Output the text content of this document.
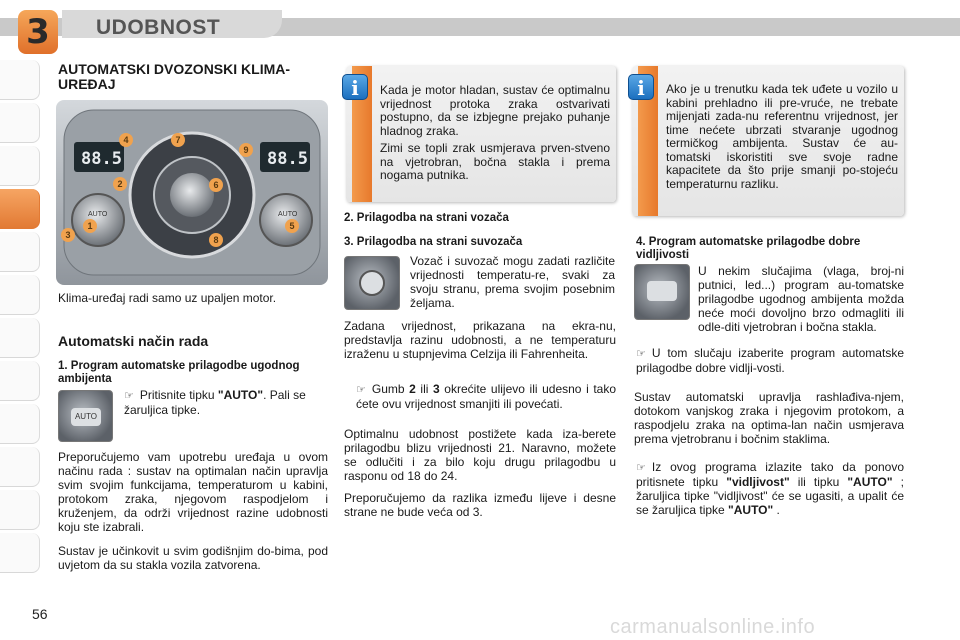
3	UDOBNOST
AUTOMATSKI DVOZONSKI KLIMA-UREĐAJ
88.5	88.5
AUTO	AUTO
1
2
3
4
5
6
7
8
9
Klima-uređaj radi samo uz upaljen motor.
Automatski način rada
1. Program automatske prilagodbe ugodnog ambijenta
AUTO
☞ Pritisnite tipku "AUTO". Pali se žaruljica tipke.
Preporučujemo vam upotrebu uređaja u ovom načinu rada : sustav na optimalan način upravlja svim svojim funkcijama, temperaturom u kabini, protokom zraka, njegovom raspodjelom i kruženjem, da održi vrijednost razine udobnosti koju ste izabrali.
Sustav je učinkovit u svim godišnjim do-bima, pod uvjetom da su stakla vozila zatvorena.
i	Kada je motor hladan, sustav će optimalnu vrijednost protoka zraka ostvarivati postupno, da se izbjegne prejako puhanje hladnog zraka.
Zimi se topli zrak usmjerava prven-stveno na vjetrobran, bočna stakla i prema nogama putnika.
2. Prilagodba na strani vozača
3. Prilagodba na strani suvozača
Vozač i suvozač mogu zadati različite vrijednosti temperatu-re, svaki za svoju stranu, prema svojim posebnim željama.
Zadana vrijednost, prikazana na ekra-nu, predstavlja razinu udobnosti, a ne temperaturu izraženu u stupnjevima Celzija ili Fahrenheita.
☞ Gumb 2 ili 3 okrećite ulijevo ili udesno i tako ćete ovu vrijednost smanjiti ili povećati.
Optimalnu udobnost postižete kada iza-berete prilagodbu blizu vrijednosti 21. Naravno, možete se odlučiti i za bilo koju drugu prilagodbu u rasponu od 18 do 24.
Preporučujemo da razlika između lijeve i desne strane ne bude veća od 3.
i	Ako je u trenutku kada tek uđete u vozilo u kabini prehladno ili pre-vruće, ne trebate mijenjati zada-nu referentnu vrijednost, jer time nećete ubrzati stvaranje ugodnog termičkog ambijenta. Sustav će au-tomatski iskoristiti sve svoje radne kapacitete da što prije smanji po-stojeću temperaturnu razliku.
4. Program automatske prilagodbe dobre vidljivosti
U nekim slučajima (vlaga, broj-ni putnici, led...) program au-tomatske prilagodbe ugodnog ambijenta možda neće moći dovoljno brzo odmagliti ili odle-diti vjetrobran i bočna stakla.
☞ U tom slučaju izaberite program automatske prilagodbe dobre vidlji-vosti.
Sustav automatski upravlja rashlađiva-njem, dotokom vanjskog zraka i njegovim protokom, a raspodjelu zraka na optima-lan način usmjerava prema vjetrobranu i bočnim staklima.
☞ Iz ovog programa izlazite tako da ponovo pritisnete tipku "vidljivost" ili tipku "AUTO" ; žaruljica tipke "vidljivost" će se ugasiti, a upalit će se žaruljica tipke "AUTO" .
56
carmanualsonline.info
